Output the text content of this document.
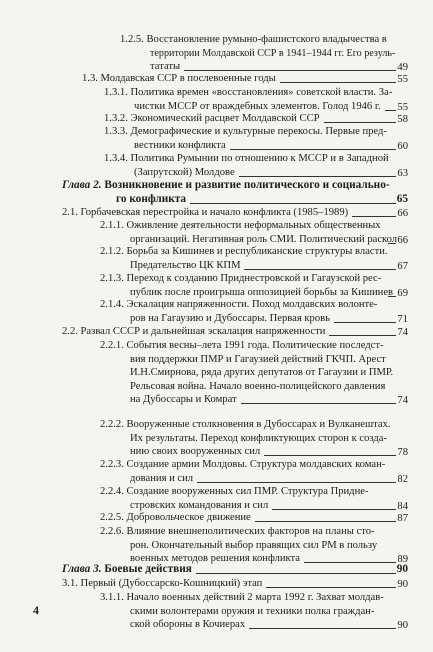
1.2.5. Восстановление румыно-фашистского владычества в
территории Молдавской ССР в 1941–1944 гг. Его резуль-
тататы	49
1.3. Молдавская ССР в послевоенные годы	55
1.3.1. Политика времен «восстановления» советской власти. За-
чистки МССР от враждебных элементов. Голод 1946 г.	55
1.3.2. Экономический расцвет Молдавской ССР	58
1.3.3. Демографические и культурные перекосы. Первые пред-
вестники конфликта	60
1.3.4. Политика Румынии по отношению к МССР и в Западной
(Запрутской) Молдове	63
Глава 2. Возникновение и развитие политического и социально-
го конфликта	65
2.1. Горбачевская перестройка и начало конфликта (1985–1989)	66
2.1.1. Оживление деятельности неформальных общественных
организаций. Негативная роль СМИ. Политический раскол 66
2.1.2. Борьба за Кишинев и республиканские структуры власти.
Предательство ЦК КПМ	67
2.1.3. Переход к созданию Приднестровской и Гагаузской рес-
публик после проигрыша оппозицией борьбы за Кишинев 69
2.1.4. Эскалация напряженности. Поход молдавских волонте-
ров на Гагаузию и Дубоссары. Первая кровь	71
2.2. Развал СССР и дальнейшая эскалация напряженности	74
2.2.1. События весны–лета 1991 года. Политические последст-
вия поддержки ПМР и Гагаузией действий ГКЧП. Арест
И.Н.Смирнова, ряда других депутатов от Гагаузии и ПМР.
Рельсовая война. Начало военно-полицейского давления
на Дубоссары и Комрат	74
2.2.2. Вооруженные столкновения в Дубоссарах и Вулканештах.
Их результаты. Переход конфликтующих сторон к созда-
нию своих вооруженных сил	78
2.2.3. Создание армии Молдовы. Структура молдавских коман-
дования и сил	82
2.2.4. Создание вооруженных сил ПМР. Структура Придне-
стровских командования и сил	84
2.2.5. Добровольческое движение	87
2.2.6. Влияние внешнеполитических факторов на планы сто-
рон. Окончательный выбор правящих сил РМ в пользу
военных методов решения конфликта	89
Глава 3. Боевые действия	90
3.1. Первый (Дубоссарско-Кошницкий) этап	90
3.1.1. Начало военных действий 2 марта 1992 г. Захват молдав-
скими волонтерами оружия и техники полка граждан-
ской обороны в Кочиерах	90
4
